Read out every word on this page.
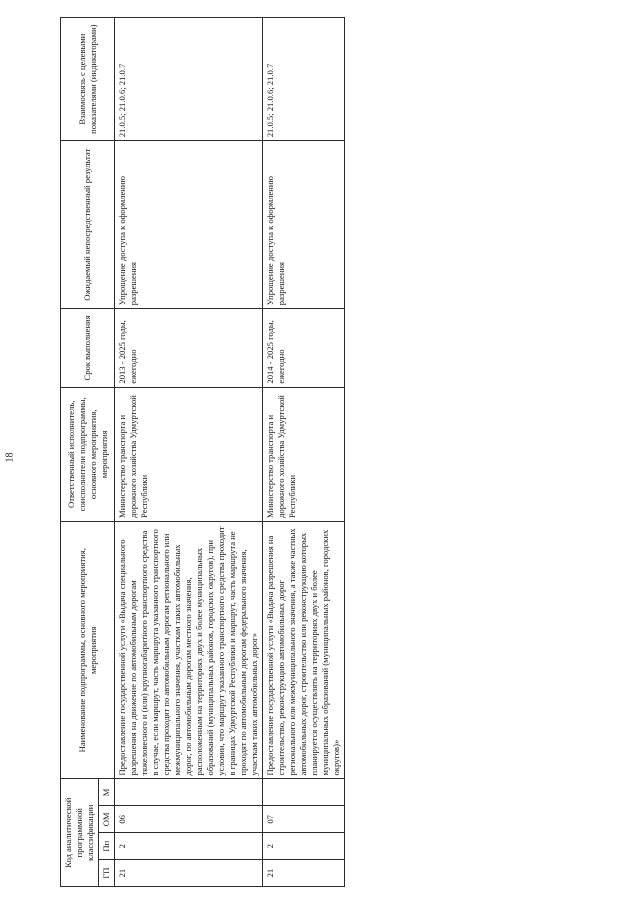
18
Код аналитической программной классификации				Наименование подпрограммы, основного мероприятия, мероприятия	Ответственный исполнитель, соисполнители подпрограммы, основного мероприятия, мероприятия	Срок выполнения	Ожидаемый непосредственный результат	Взаимосвязь с целевыми показателями (индикаторами)
ГП	Пп	ОМ	М					
21	2	06		Предоставление государственной услуги «Выдача специального разрешения на движение по автомобильным дорогам тяжеловесного и (или) крупногабаритного транспортного средства в случае, если маршрут, часть маршрута указанного транспортного средства проходят по автомобильным дорогам регионального или межмуниципального значения, участкам таких автомобильных дорог, по автомобильным дорогам местного значения, расположенным на территориях двух и более муниципальных образований (муниципальных районов, городских округов), при условии, что маршрут указанного транспортного средства проходит в границах Удмуртской Республики и маршрут, часть маршрута не проходят по автомобильным дорогам федерального значения, участкам таких автомобильных дорог»	Министерство транспорта и дорожного хозяйства Удмуртской Республики	2013 - 2025 годы, ежегодно	Упрощение доступа к оформлению разрешения	21.0.5; 21.0.6; 21.0.7
21	2	07		Предоставление государственной услуги «Выдача разрешения на строительство, реконструкцию автомобильных дорог регионального или межмуниципального значения, а также частных автомобильных дорог, строительство или реконструкцию которых планируется осуществлять на территориях двух и более муниципальных образований (муниципальных районов, городских округов)»	Министерство транспорта и дорожного хозяйства Удмуртской Республики	2014 - 2025 годы, ежегодно	Упрощение доступа к оформлению разрешения	21.0.5; 21.0.6; 21.0.7
